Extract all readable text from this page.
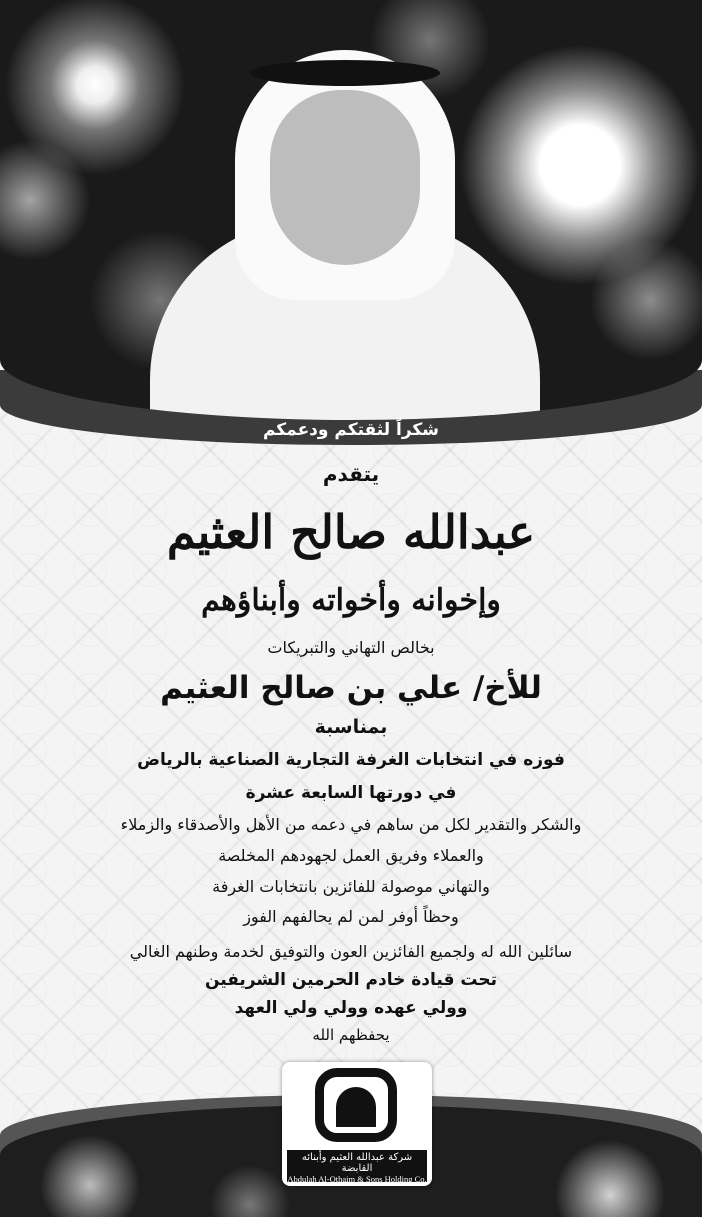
شكراً لثقتكم ودعمكم
يتقدم
عبدالله صالح العثيم
وإخوانه وأخواته وأبناؤهم
بخالص التهاني والتبريكات
للأخ/ علي بن صالح العثيم
بمناسبة
فوزه في انتخابات الغرفة التجارية الصناعية بالرياض
في دورتها السابعة عشرة
والشكر والتقدير لكل من ساهم في دعمه من الأهل والأصدقاء والزملاء
والعملاء وفريق العمل لجهودهم المخلصة
والتهاني موصولة للفائزين بانتخابات الغرفة
وحظاً أوفر لمن لم يحالفهم الفوز
سائلين الله له ولجميع الفائزين العون والتوفيق لخدمة وطنهم الغالي
تحت قيادة خادم الحرمين الشريفين
وولي عهده وولي ولي العهد
يحفظهم الله
شركة عبدالله العثيم وأبنائه القابضة
Abdulah Al-Othaim & Sons Holding Co.
